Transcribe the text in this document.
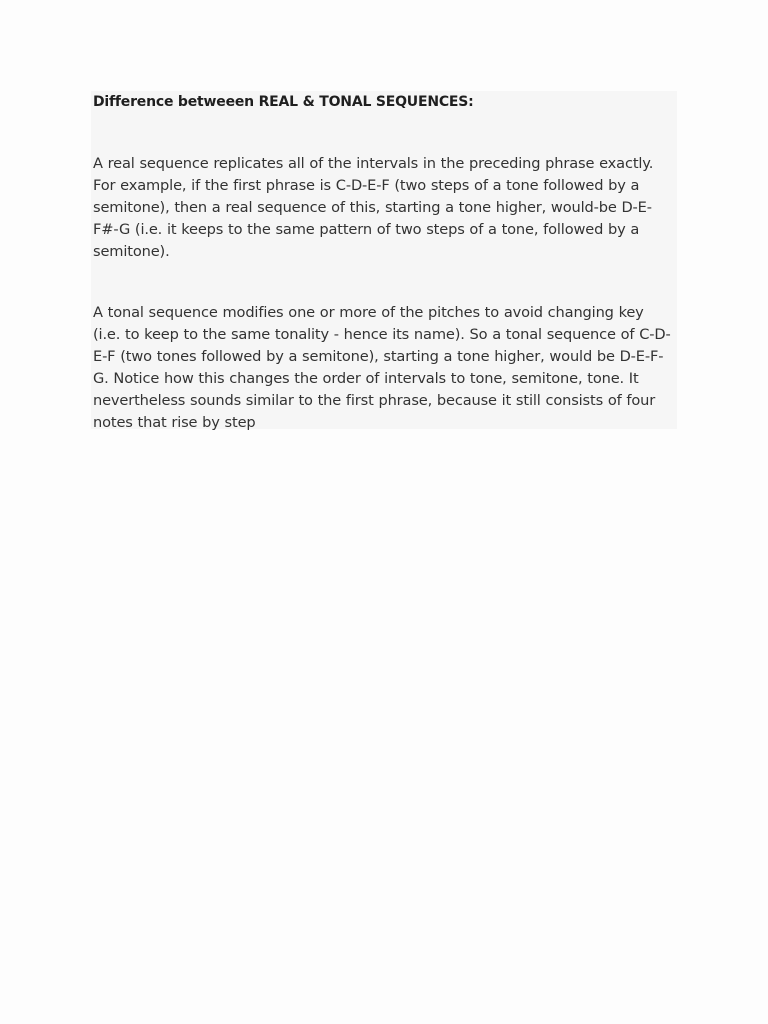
Difference betweeen REAL & TONAL SEQUENCES:

A real sequence replicates all of the intervals in the preceding phrase exactly. For example, if the first phrase is C-D-E-F (two steps of a tone followed by a semitone), then a real sequence of this, starting a tone higher, would-be D-E-F#-G (i.e. it keeps to the same pattern of two steps of a tone, followed by a semitone).

A tonal sequence modifies one or more of the pitches to avoid changing key (i.e. to keep to the same tonality - hence its name). So a tonal sequence of C-D-E-F (two tones followed by a semitone), starting a tone higher, would be D-E-F-G. Notice how this changes the order of intervals to tone, semitone, tone. It nevertheless sounds similar to the first phrase, because it still consists of four notes that rise by step
